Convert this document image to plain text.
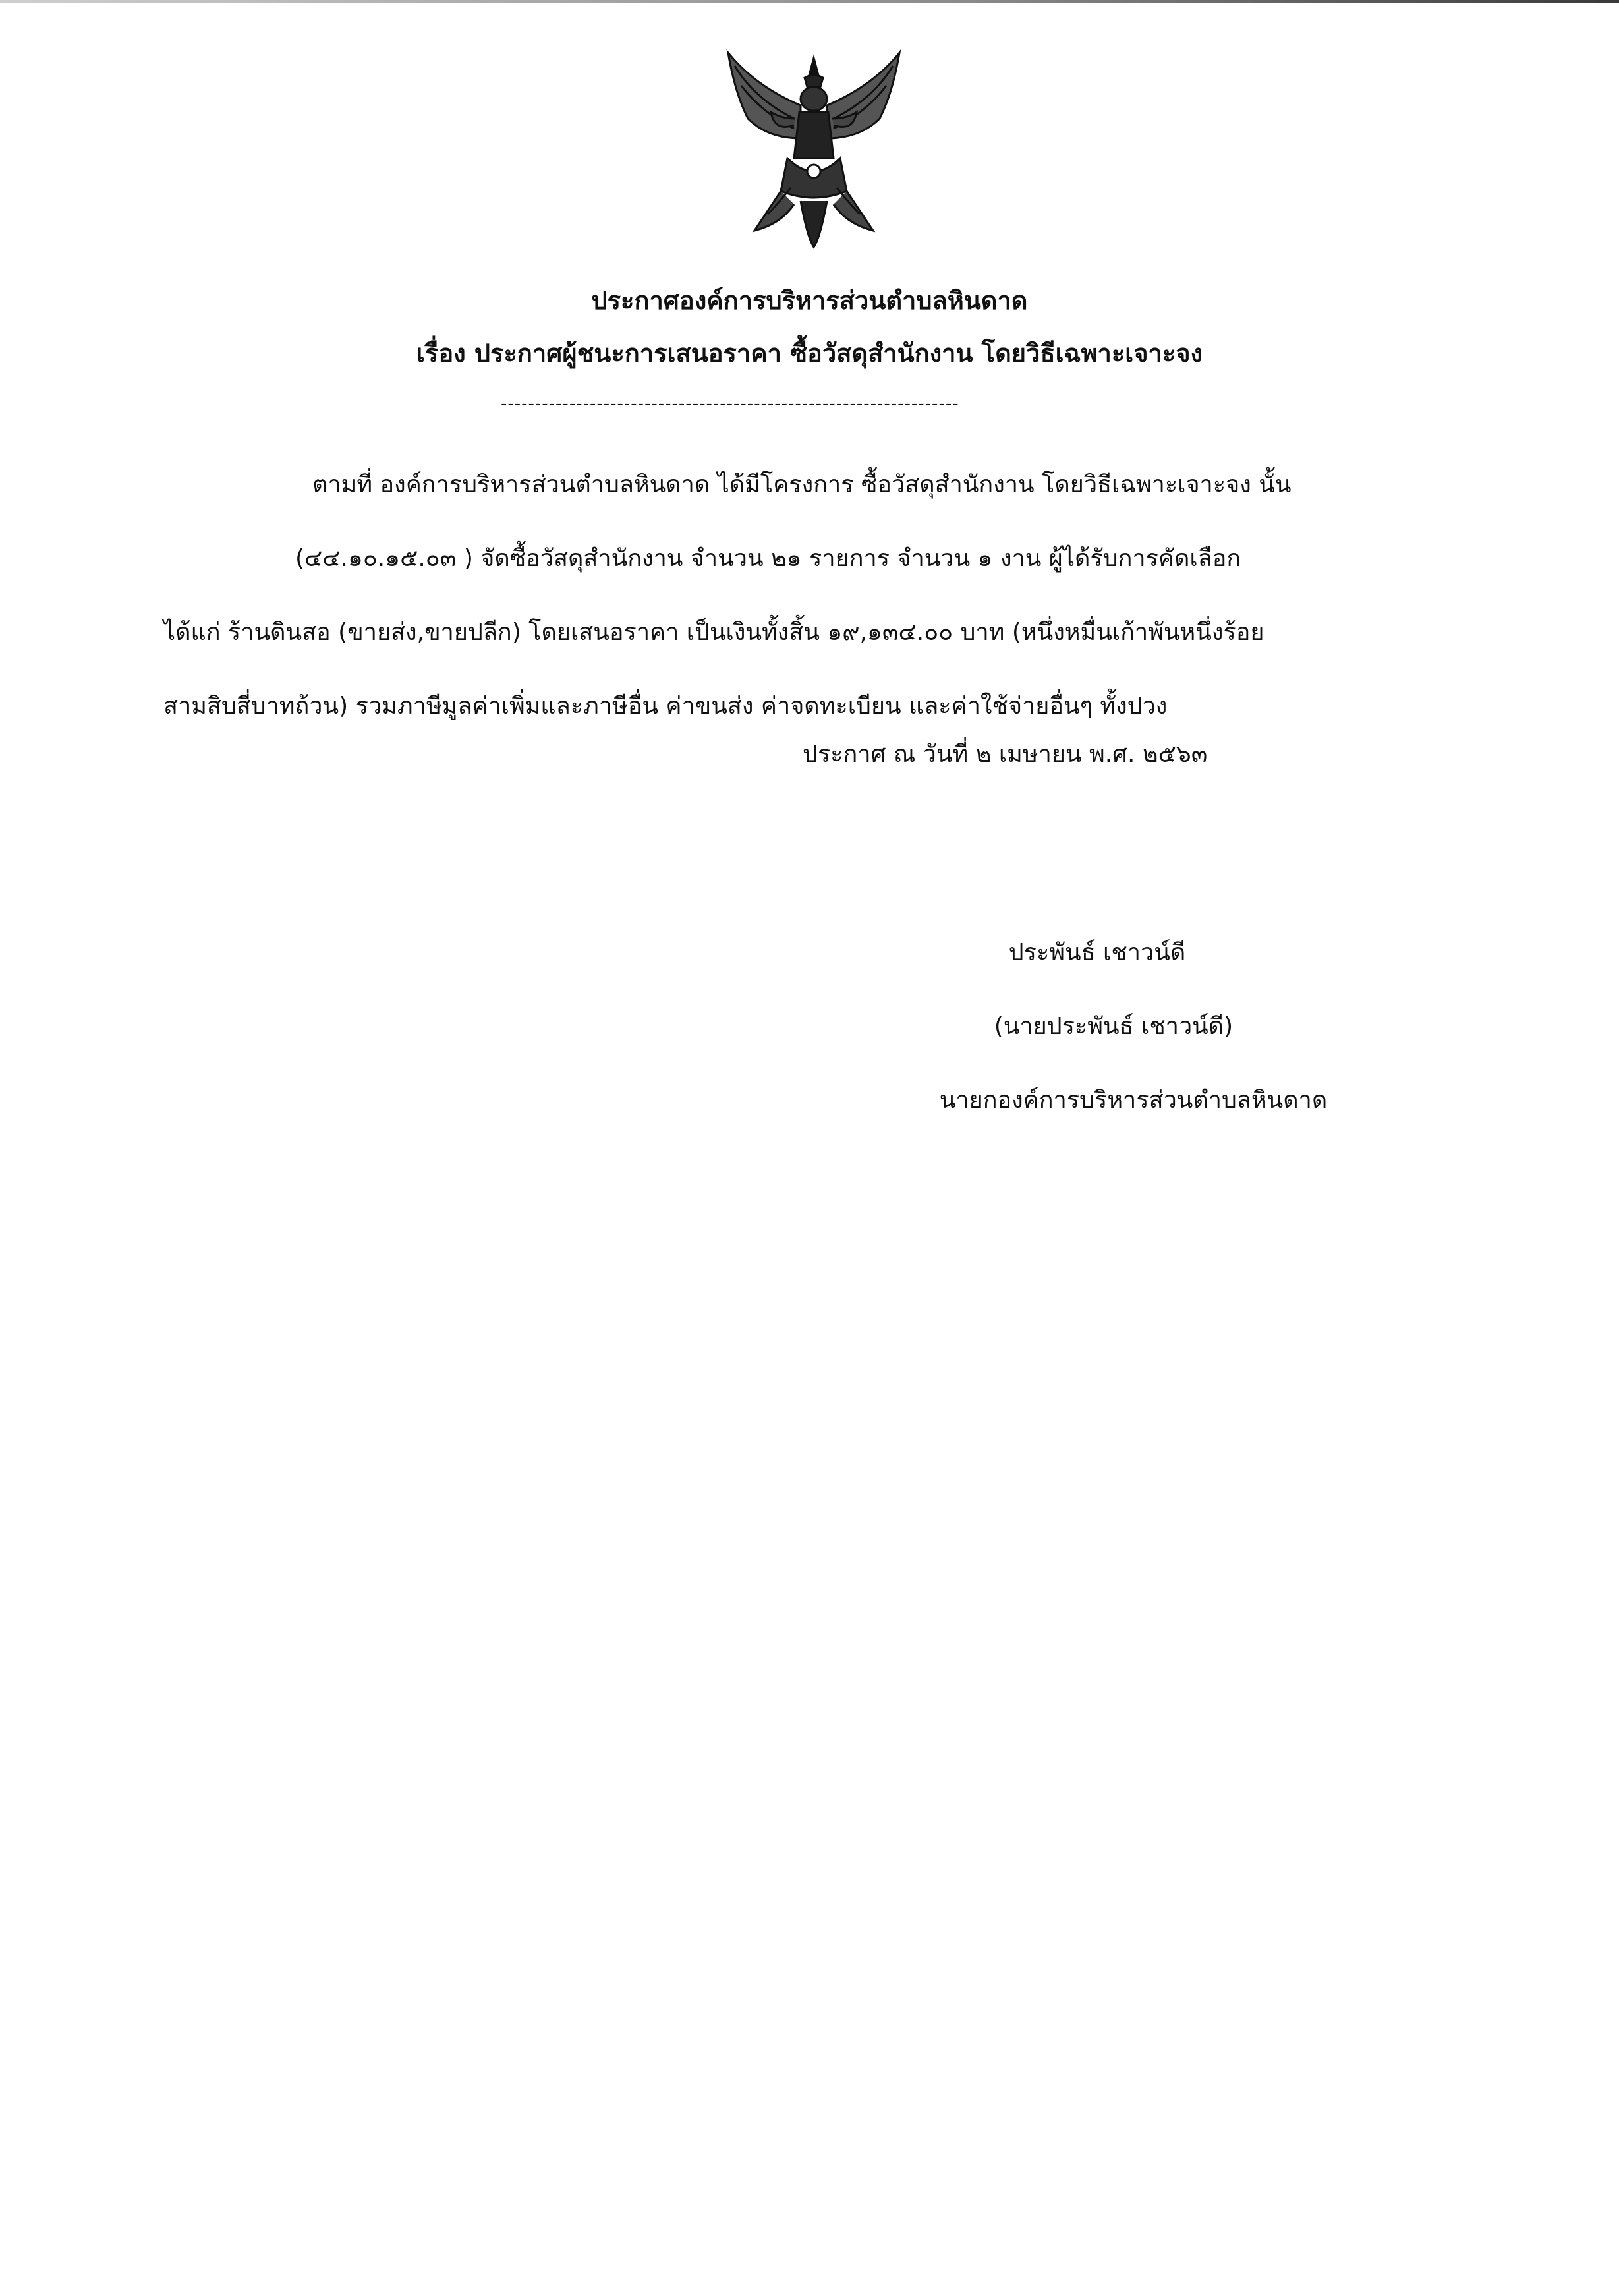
ประกาศองค์การบริหารส่วนตำบลหินดาด
เรื่อง ประกาศผู้ชนะการเสนอราคา ซื้อวัสดุสำนักงาน โดยวิธีเฉพาะเจาะจง
-------------------------------------------------------------------
ตามที่ องค์การบริหารส่วนตำบลหินดาด ได้มีโครงการ ซื้อวัสดุสำนักงาน โดยวิธีเฉพาะเจาะจง นั้น
(๔๔.๑๐.๑๕.๐๓ ) จัดซื้อวัสดุสำนักงาน จำนวน ๒๑ รายการ จำนวน ๑ งาน ผู้ได้รับการคัดเลือก
ได้แก่ ร้านดินสอ (ขายส่ง,ขายปลีก) โดยเสนอราคา เป็นเงินทั้งสิ้น ๑๙,๑๓๔.๐๐ บาท (หนึ่งหมื่นเก้าพันหนึ่งร้อย
สามสิบสี่บาทถ้วน) รวมภาษีมูลค่าเพิ่มและภาษีอื่น ค่าขนส่ง ค่าจดทะเบียน และค่าใช้จ่ายอื่นๆ ทั้งปวง
ประกาศ ณ วันที่ ๒ เมษายน พ.ศ. ๒๕๖๓
ประพันธ์ เชาวน์ดี
(นายประพันธ์ เชาวน์ดี)
นายกองค์การบริหารส่วนตำบลหินดาด
